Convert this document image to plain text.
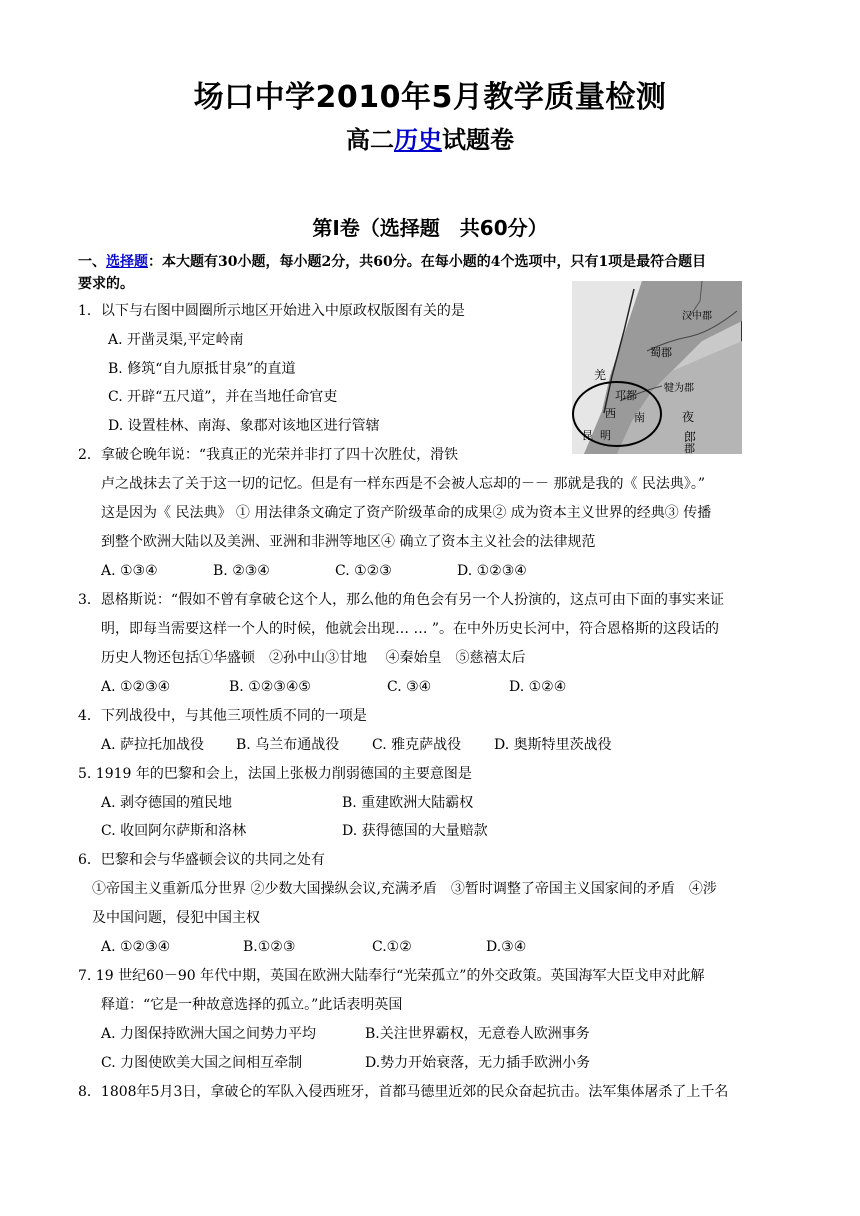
场口中学2010年5月教学质量检测
高二历史试题卷
第Ⅰ卷（选择题　共60分）
一、选择题：本大题有30小题，每小题2分，共60分。在每小题的4个选项中，只有1项是最符合题目
要求的。
羌
汉中郡
蜀郡
犍为郡
邛都
西 南
昆 明
夜
郎
郡
1．以下与右图中圆圈所示地区开始进入中原政权版图有关的是
A. 开凿灵渠,平定岭南
B. 修筑“自九原抵甘泉”的直道
C. 开辟“五尺道”，并在当地任命官吏
D. 设置桂林、南海、象郡对该地区进行管辖
2．拿破仑晚年说：“我真正的光荣并非打了四十次胜仗，滑铁
卢之战抹去了关于这一切的记忆。但是有一样东西是不会被人忘却的－－ 那就是我的《 民法典》。”
这是因为《 民法典》 ① 用法律条文确定了资产阶级革命的成果② 成为资本主义世界的经典③ 传播
到整个欧洲大陆以及美洲、亚洲和非洲等地区④ 确立了资本主义社会的法律规范
A. ①③④	B. ②③④	C. ①②③	D. ①②③④
3．恩格斯说：“假如不曾有拿破仑这个人，那么他的角色会有另一个人扮演的，这点可由下面的事实来证
明，即每当需要这样一个人的时候，他就会出现… … ”。在中外历史长河中，符合恩格斯的这段话的
历史人物还包括①华盛顿　②孙中山③甘地　 ④秦始皇　⑤慈禧太后
A. ①②③④	B. ①②③④⑤	C. ③④	D. ①②④
4．下列战役中，与其他三项性质不同的一项是
A. 萨拉托加战役 B. 乌兰布通战役 C. 雅克萨战役 D. 奥斯特里茨战役
5. 1919 年的巴黎和会上，法国上张极力削弱德国的主要意图是
A. 剥夺德国的殖民地	B. 重建欧洲大陆霸权
C. 收回阿尔萨斯和洛林	D. 获得德国的大量赔款
6．巴黎和会与华盛顿会议的共同之处有
①帝国主义重新瓜分世界 ②少数大国操纵会议,充满矛盾　③暂时调整了帝国主义国家间的矛盾　④涉
及中国问题，侵犯中国主权
A. ①②③④	B.①②③	C.①②	D.③④
7. 19 世纪60－90 年代中期，英国在欧洲大陆奉行“光荣孤立”的外交政策。英国海军大臣戈申对此解
释道：“它是一种故意选择的孤立。”此话表明英国
A. 力图保持欧洲大国之间势力平均	B.关注世界霸权，无意卷人欧洲事务
C. 力图使欧美大国之间相互牵制	D.势力开始衰落，无力插手欧洲小务
8．1808年5月3日，拿破仑的军队入侵西班牙，首都马德里近郊的民众奋起抗击。法军集体屠杀了上千名
